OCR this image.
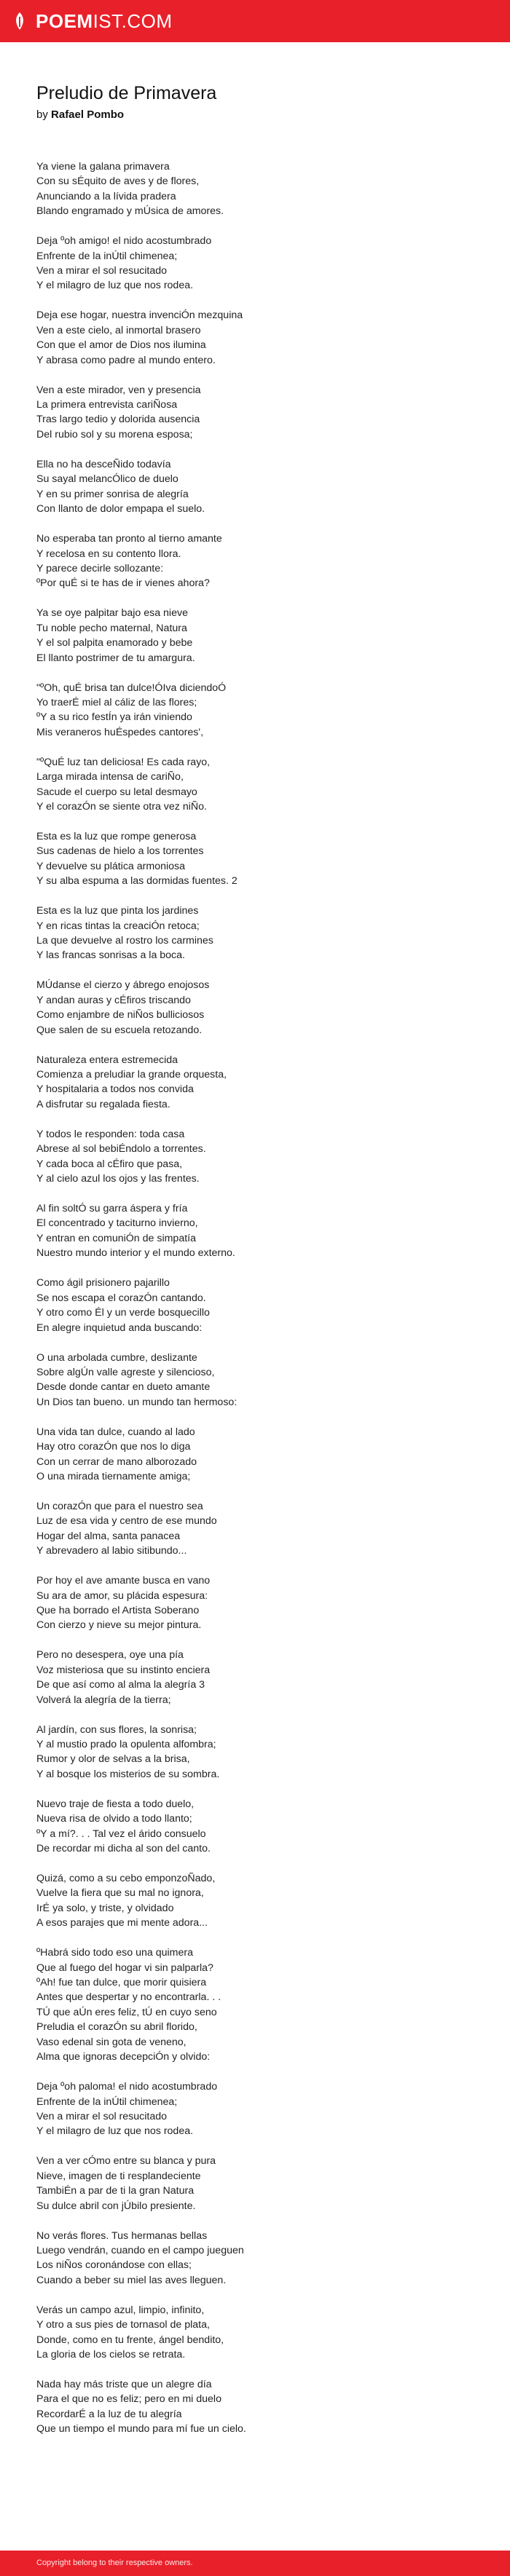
POEMIST.COM
Preludio de Primavera
by Rafael Pombo
Ya viene la galana primavera
Con su sÉquito de aves y de flores,
Anunciando a la lívida pradera
Blando engramado y mÚsica de amores.
Deja ºoh amigo! el nido acostumbrado
Enfrente de la inÚtil chimenea;
Ven a mirar el sol resucitado
Y el milagro de luz que nos rodea.
Deja ese hogar, nuestra invenciÓn mezquina
Ven a este cielo, al inmortal brasero
Con que el amor de Dios nos ilumina
Y abrasa como padre al mundo entero.
Ven a este mirador, ven y presencia
La primera entrevista cariÑosa
Tras largo tedio y dolorida ausencia
Del rubio sol y su morena esposa;
Ella no ha desceÑido todavía
Su sayal melancÓlico de duelo
Y en su primer sonrisa de alegría
Con llanto de dolor empapa el suelo.
No esperaba tan pronto al tierno amante
Y recelosa en su contento llora.
Y parece decirle sollozante:
ºPor quÉ si te has de ir vienes ahora?
Ya se oye palpitar bajo esa nieve
Tu noble pecho maternal, Natura
Y el sol palpita enamorado y bebe
El llanto postrimer de tu amargura.
"ºOh, quÉ brisa tan dulce!ÓIva diciendoÓ
Yo traerÉ miel al cáliz de las flores;
ºY a su rico festÍn ya irán viniendo
Mis veraneros huÉspedes cantores',
"ºQuÉ luz tan deliciosa! Es cada rayo,
Larga mirada intensa de cariÑo,
Sacude el cuerpo su letal desmayo
Y el corazÓn se siente otra vez niÑo.
Esta es la luz que rompe generosa
Sus cadenas de hielo a los torrentes
Y devuelve su plática armoniosa
Y su alba espuma a las dormidas fuentes. 2
Esta es la luz que pinta los jardines
Y en ricas tintas la creaciÓn retoca;
La que devuelve al rostro los carmines
Y las francas sonrisas a la boca.
MÚdanse el cierzo y ábrego enojosos
Y andan auras y cÉfiros triscando
Como enjambre de niÑos bulliciosos
Que salen de su escuela retozando.
Naturaleza entera estremecida
Comienza a preludiar la grande orquesta,
Y hospitalaria a todos nos convida
A disfrutar su regalada fiesta.
Y todos le responden: toda casa
Abrese al sol bebiÉndolo a torrentes.
Y cada boca al cÉfiro que pasa,
Y al cielo azul los ojos y las frentes.
Al fin soltÓ su garra áspera y fría
El concentrado y taciturno invierno,
Y entran en comuniÓn de simpatía
Nuestro mundo interior y el mundo externo.
Como ágil prisionero pajarillo
Se nos escapa el corazÓn cantando.
Y otro como Él y un verde bosquecillo
En alegre inquietud anda buscando:
O una arbolada cumbre, deslizante
Sobre algÚn valle agreste y silencioso,
Desde donde cantar en dueto amante
Un Dios tan bueno. un mundo tan hermoso:
Una vida tan dulce, cuando al lado
Hay otro corazÓn que nos lo diga
Con un cerrar de mano alborozado
O una mirada tiernamente amiga;
Un corazÓn que para el nuestro sea
Luz de esa vida y centro de ese mundo
Hogar del alma, santa panacea
Y abrevadero al labio sitibundo...
Por hoy el ave amante busca en vano
Su ara de amor, su plácida espesura:
Que ha borrado el Artista Soberano
Con cierzo y nieve su mejor pintura.
Pero no desespera, oye una pía
Voz misteriosa que su instinto enciera
De que así como al alma la alegría 3
Volverá la alegría de la tierra;
Al jardín, con sus flores, la sonrisa;
Y al mustio prado la opulenta alfombra;
Rumor y olor de selvas a la brisa,
Y al bosque los misterios de su sombra.
Nuevo traje de fiesta a todo duelo,
Nueva risa de olvido a todo llanto;
ºY a mí?. . . Tal vez el árido consuelo
De recordar mi dicha al son del canto.
Quizá, como a su cebo emponzoÑado,
Vuelve la fiera que su mal no ignora,
IrÉ ya solo, y triste, y olvidado
A esos parajes que mi mente adora...
ºHabrá sido todo eso una quimera
Que al fuego del hogar vi sin palparla?
ºAh! fue tan dulce, que morir quisiera
Antes que despertar y no encontrarla. . .
TÚ que aÚn eres feliz, tÚ en cuyo seno
Preludia el corazÓn su abril florido,
Vaso edenal sin gota de veneno,
Alma que ignoras decepciÓn y olvido:
Deja ºoh paloma! el nido acostumbrado
Enfrente de la inÚtil chimenea;
Ven a mirar el sol resucitado
Y el milagro de luz que nos rodea.
Ven a ver cÓmo entre su blanca y pura
Nieve, imagen de ti resplandeciente
TambiÉn a par de ti la gran Natura
Su dulce abril con jÚbilo presiente.
No verás flores. Tus hermanas bellas
Luego vendrán, cuando en el campo jueguen
Los niÑos coronándose con ellas;
Cuando a beber su miel las aves lleguen.
Verás un campo azul, limpio, infinito,
Y otro a sus pies de tornasol de plata,
Donde, como en tu frente, ángel bendito,
La gloria de los cielos se retrata.
Nada hay más triste que un alegre día
Para el que no es feliz; pero en mi duelo
RecordarÉ a la luz de tu alegría
Que un tiempo el mundo para mí fue un cielo.
Copyright belong to their respective owners.
